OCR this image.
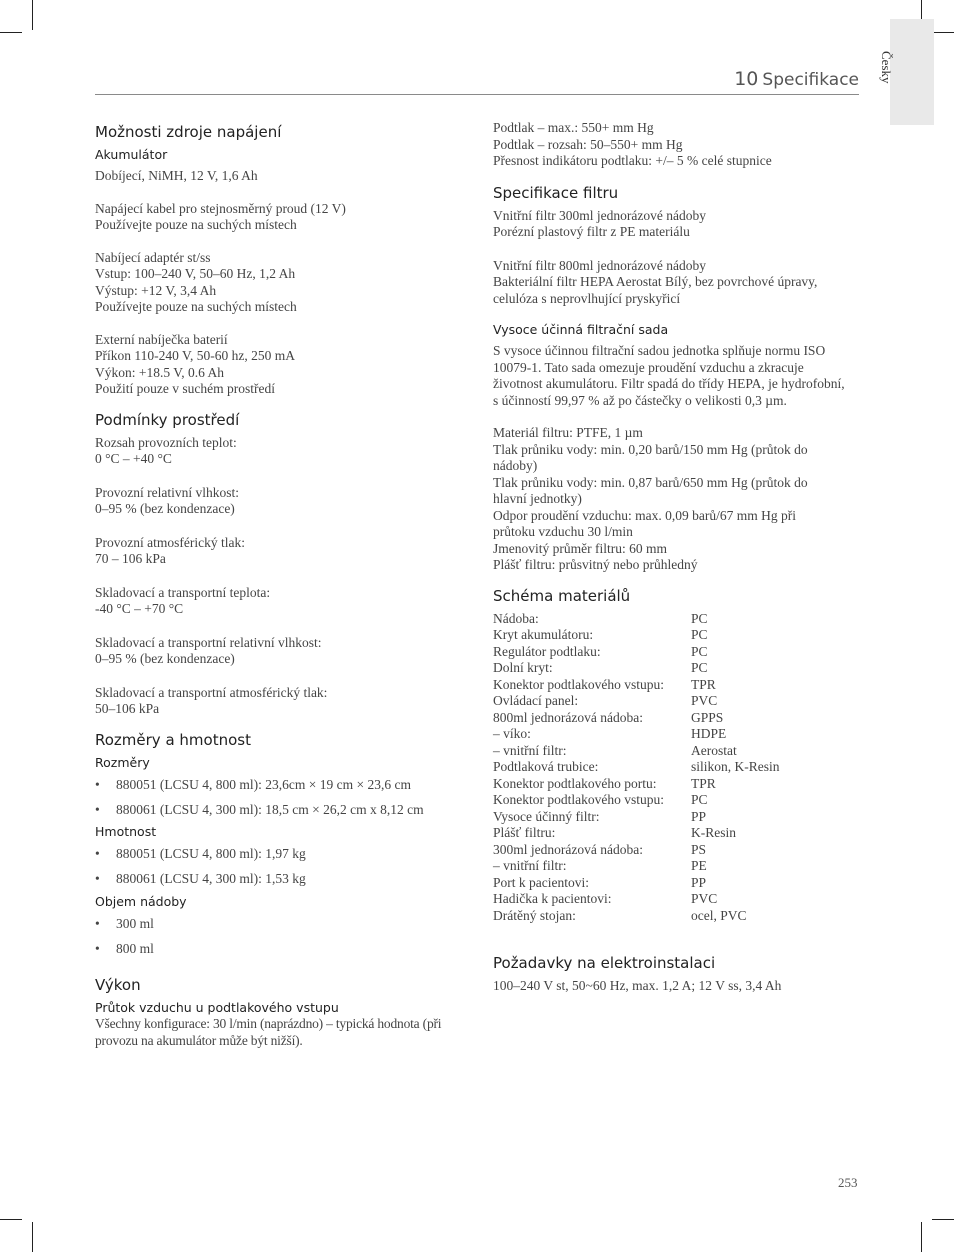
Česky
10 Specifikace
Možnosti zdroje napájení
Akumulátor

Dobíjecí, NiMH, 12 V, 1,6 Ah

Napájecí kabel pro stejnosměrný proud (12 V)
Používejte pouze na suchých místech

Nabíjecí adaptér st/ss
Vstup: 100–240 V, 50–60 Hz, 1,2 Ah
Výstup: +12 V, 3,4 Ah
Používejte pouze na suchých místech

Externí nabíječka baterií
Příkon 110-240 V, 50-60 hz, 250 mA
Výkon: +18.5 V, 0.6 Ah
Použití pouze v suchém prostředí

Podmínky prostředí

Rozsah provozních teplot:
0 °C – +40 °C

Provozní relativní vlhkost:
0–95 % (bez kondenzace)

Provozní atmosférický tlak:
70 – 106 kPa

Skladovací a transportní teplota:
-40 °C – +70 °C

Skladovací a transportní relativní vlhkost:
0–95 % (bez kondenzace)

Skladovací a transportní atmosférický tlak:
50–106 kPa

Rozměry a hmotnost
Rozměry
• 880051 (LCSU 4, 800 ml): 23,6cm × 19 cm × 23,6 cm
• 880061 (LCSU 4, 300 ml): 18,5 cm × 26,2 cm x 8,12 cm
Hmotnost
• 880051 (LCSU 4, 800 ml): 1,97 kg
• 880061 (LCSU 4, 300 ml): 1,53 kg
Objem nádoby
• 300 ml
• 800 ml
Výkon
Průtok vzduchu u podtlakového vstupu

Všechny konfigurace: 30 l/min (naprázdno) – typická hodnota (při
provozu na akumulátor může být nižší).

Podtlak – max.: 550+ mm Hg
Podtlak – rozsah: 50–550+ mm Hg
Přesnost indikátoru podtlaku: +/– 5 % celé stupnice

Specifikace filtru

Vnitřní filtr 300ml jednorázové nádoby
Porézní plastový filtr z PE materiálu

Vnitřní filtr 800ml jednorázové nádoby
Bakteriální filtr HEPA Aerostat Bílý, bez povrchové úpravy,
celulóza s neprovlhující pryskyřicí

Vysoce účinná filtrační sada

S vysoce účinnou filtrační sadou jednotka splňuje normu ISO
10079-1. Tato sada omezuje proudění vzduchu a zkracuje
životnost akumulátoru. Filtr spadá do třídy HEPA, je hydrofobní,
s účinností 99,97 % až po částečky o velikosti 0,3 µm.

Materiál filtru: PTFE, 1 µm
Tlak průniku vody: min. 0,20 barů/150 mm Hg (průtok do
nádoby)
Tlak průniku vody: min. 0,87 barů/650 mm Hg (průtok do
hlavní jednotky)
Odpor proudění vzduchu: max. 0,09 barů/67 mm Hg při
průtoku vzduchu 30 l/min
Jmenovitý průměr filtru: 60 mm
Plášť filtru: průsvitný nebo průhledný

Schéma materiálů
Nádoba:	PC
Kryt akumulátoru:	PC
Regulátor podtlaku:	PC
Dolní kryt:	PC
Konektor podtlakového vstupu:	TPR
Ovládací panel:	PVC
800ml jednorázová nádoba:	GPPS
– víko:	HDPE
– vnitřní filtr:	Aerostat
Podtlaková trubice:	silikon, K-Resin
Konektor podtlakového portu:	TPR
Konektor podtlakového vstupu:	PC
Vysoce účinný filtr:	PP
Plášť filtru:	K-Resin
300ml jednorázová nádoba:	PS
– vnitřní filtr:	PE
Port k pacientovi:	PP
Hadička k pacientovi:	PVC
Drátěný stojan:	ocel, PVC
Požadavky na elektroinstalaci

100–240 V st, 50~60 Hz, max. 1,2 A; 12 V ss, 3,4 Ah

253
